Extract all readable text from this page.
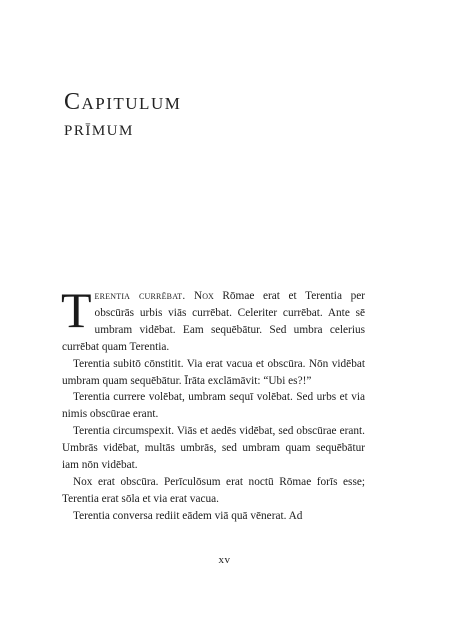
Capitulum
prīmum

Terentia currēbat. Nox Rōmae erat et Terentia per obscūrās urbis viās currēbat. Celeriter currēbat. Ante sē umbram vidēbat. Eam sequēbātur. Sed umbra celerius currēbat quam Terentia.

Terentia subitō cōnstitit. Via erat vacua et obscūra. Nōn vidēbat umbram quam sequēbātur. Īrāta exclāmāvit: “Ubi es?!”

Terentia currere volēbat, umbram sequī volēbat. Sed urbs et via nimis obscūrae erant.

Terentia circumspexit. Viās et aedēs vidēbat, sed obscūrae erant. Umbrās vidēbat, multās umbrās, sed umbram quam sequēbātur iam nōn vidēbat.

Nox erat obscūra. Perīculōsum erat noctū Rōmae forīs esse; Terentia erat sōla et via erat vacua.

Terentia conversa rediit eādem viā quā vēnerat. Ad

xv
